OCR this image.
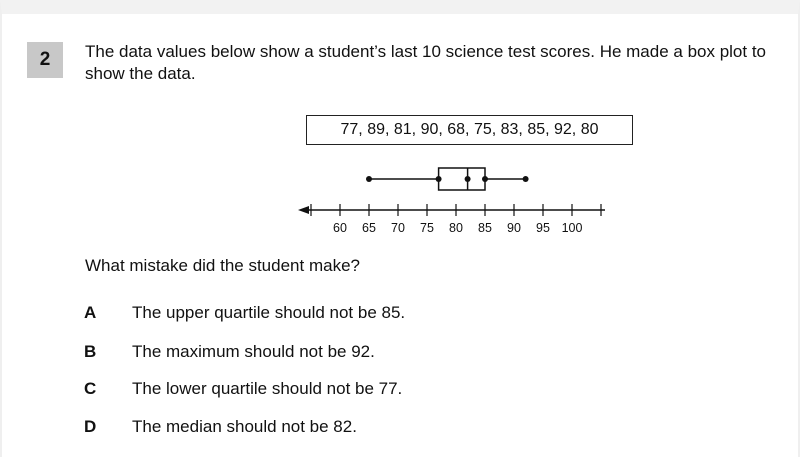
2 The data values below show a student’s last 10 science test scores. He made a box plot to show the data.
77, 89, 81, 90, 68, 75, 83, 85, 92, 80
60 65 70 75 80 85 90 95 100
What mistake did the student make?
A	The upper quartile should not be 85.
B	The maximum should not be 92.
C	The lower quartile should not be 77.
D	The median should not be 82.
